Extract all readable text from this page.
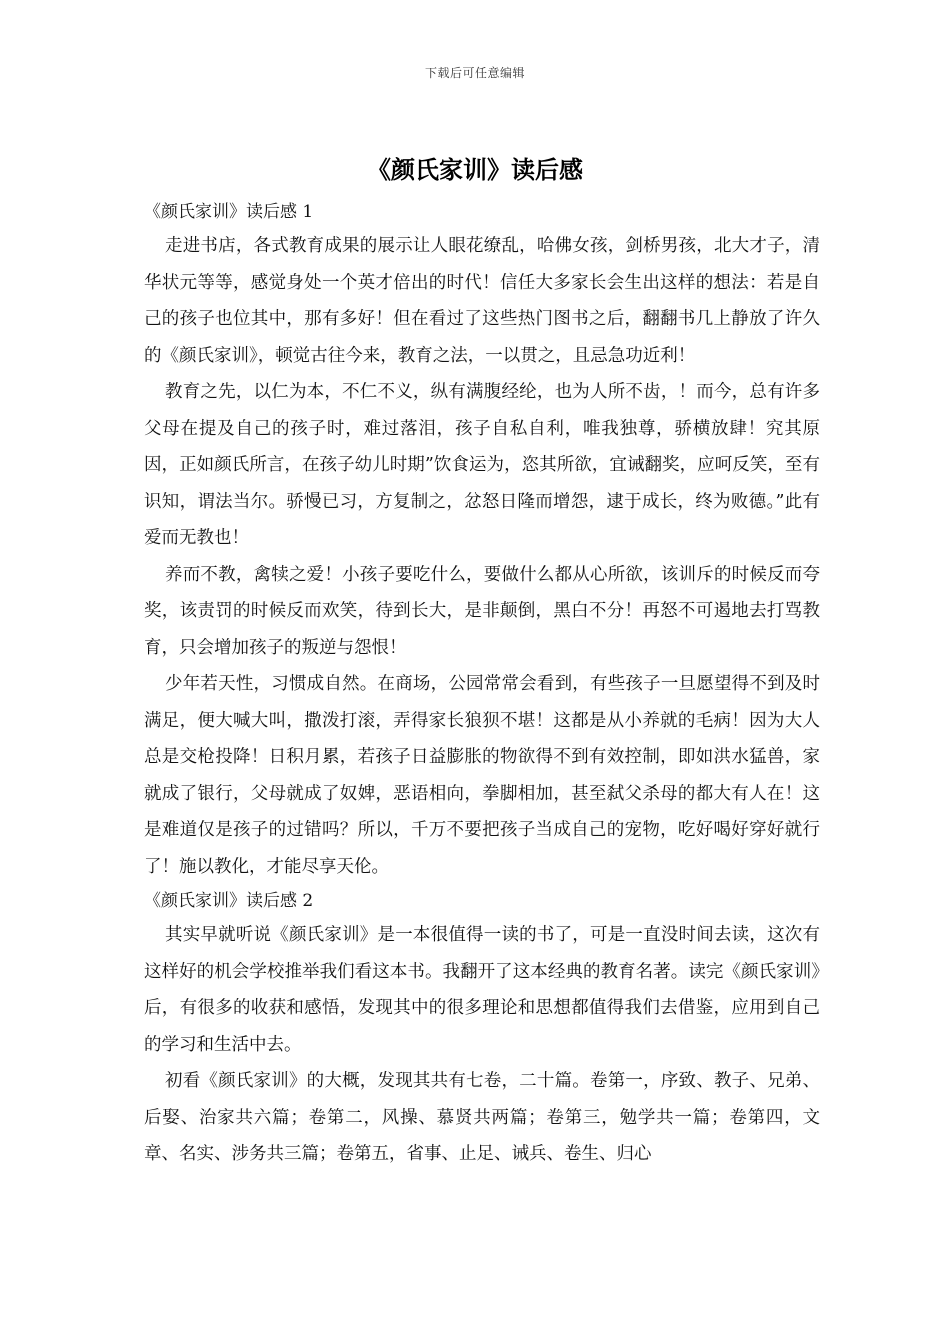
下载后可任意编辑
《颜氏家训》读后感

《颜氏家训》读后感 1

走进书店，各式教育成果的展示让人眼花缭乱，哈佛女孩，剑桥男孩，北大才子，清华状元等等，感觉身处一个英才倍出的时代！信任大多家长会生出这样的想法：若是自己的孩子也位其中，那有多好！但在看过了这些热门图书之后，翻翻书几上静放了许久的《颜氏家训》，顿觉古往今来，教育之法，一以贯之，且忌急功近利！

教育之先，以仁为本，不仁不义，纵有满腹经纶，也为人所不齿，！而今，总有许多父母在提及自己的孩子时，难过落泪，孩子自私自利，唯我独尊，骄横放肆！究其原因，正如颜氏所言，在孩子幼儿时期”饮食运为，恣其所欲，宜诫翻奖，应呵反笑，至有识知，谓法当尔。骄慢已习，方复制之，忿怒日隆而增怨，逮于成长，终为败德。”此有爱而无教也！

养而不教，禽犊之爱！小孩子要吃什么，要做什么都从心所欲，该训斥的时候反而夸奖，该责罚的时候反而欢笑，待到长大，是非颠倒，黑白不分！再怒不可遏地去打骂教育，只会增加孩子的叛逆与怨恨！

少年若天性，习惯成自然。在商场，公园常常会看到，有些孩子一旦愿望得不到及时满足，便大喊大叫，撒泼打滚，弄得家长狼狈不堪！这都是从小养就的毛病！因为大人总是交枪投降！日积月累，若孩子日益膨胀的物欲得不到有效控制，即如洪水猛兽，家就成了银行，父母就成了奴婢，恶语相向，拳脚相加，甚至弑父杀母的都大有人在！这是难道仅是孩子的过错吗？所以，千万不要把孩子当成自己的宠物，吃好喝好穿好就行了！施以教化，才能尽享天伦。

《颜氏家训》读后感 2

其实早就听说《颜氏家训》是一本很值得一读的书了，可是一直没时间去读，这次有这样好的机会学校推举我们看这本书。我翻开了这本经典的教育名著。读完《颜氏家训》后，有很多的收获和感悟，发现其中的很多理论和思想都值得我们去借鉴，应用到自己的学习和生活中去。

初看《颜氏家训》的大概，发现其共有七卷，二十篇。卷第一，序致、教子、兄弟、后娶、治家共六篇；卷第二，风操、慕贤共两篇；卷第三，勉学共一篇；卷第四，文章、名实、涉务共三篇；卷第五，省事、止足、诫兵、卷生、归心
